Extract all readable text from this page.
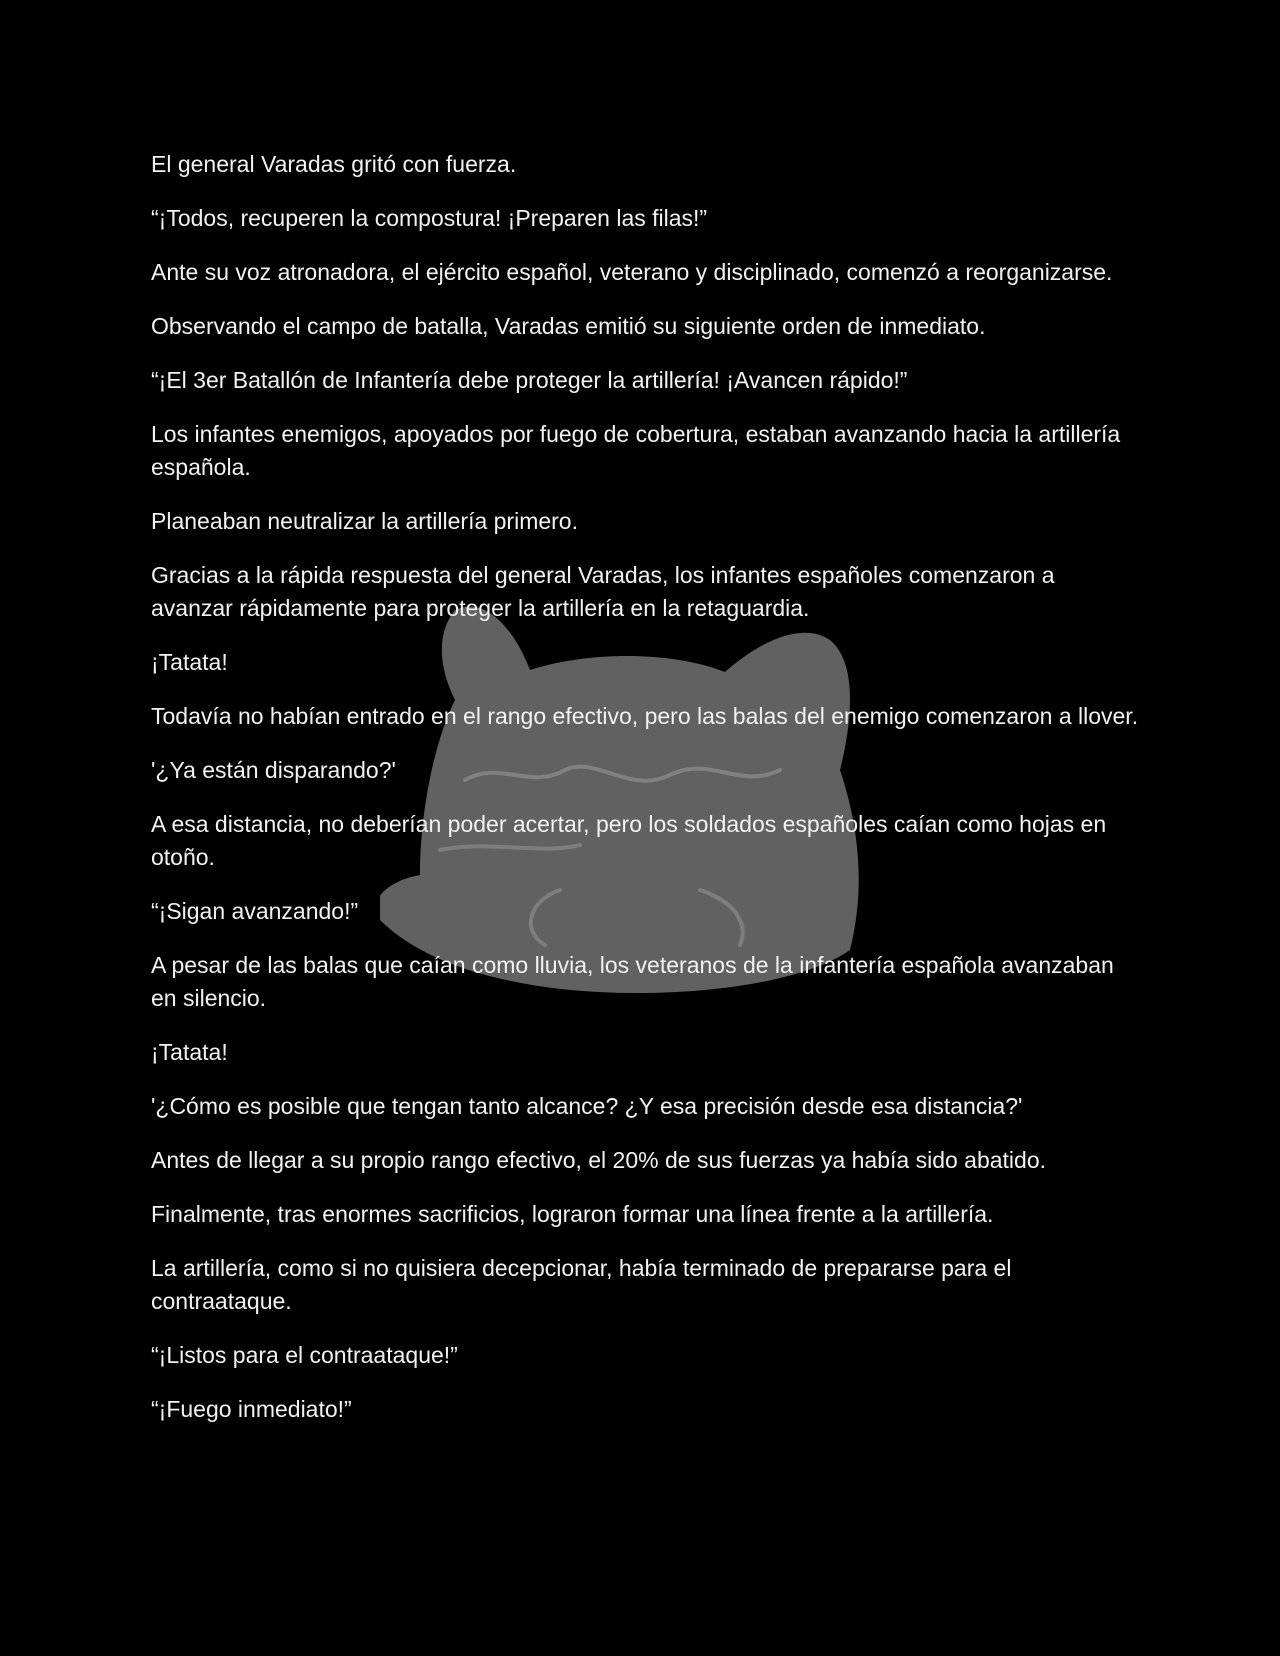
El general Varadas gritó con fuerza.

“¡Todos, recuperen la compostura! ¡Preparen las filas!”

Ante su voz atronadora, el ejército español, veterano y disciplinado, comenzó a reorganizarse.

Observando el campo de batalla, Varadas emitió su siguiente orden de inmediato.

“¡El 3er Batallón de Infantería debe proteger la artillería! ¡Avancen rápido!”

Los infantes enemigos, apoyados por fuego de cobertura, estaban avanzando hacia la artillería española.

Planeaban neutralizar la artillería primero.

Gracias a la rápida respuesta del general Varadas, los infantes españoles comenzaron a avanzar rápidamente para proteger la artillería en la retaguardia.

¡Tatata!

Todavía no habían entrado en el rango efectivo, pero las balas del enemigo comenzaron a llover.

'¿Ya están disparando?'

A esa distancia, no deberían poder acertar, pero los soldados españoles caían como hojas en otoño.

“¡Sigan avanzando!”

A pesar de las balas que caían como lluvia, los veteranos de la infantería española avanzaban en silencio.

¡Tatata!

'¿Cómo es posible que tengan tanto alcance? ¿Y esa precisión desde esa distancia?'

Antes de llegar a su propio rango efectivo, el 20% de sus fuerzas ya había sido abatido.

Finalmente, tras enormes sacrificios, lograron formar una línea frente a la artillería.

La artillería, como si no quisiera decepcionar, había terminado de prepararse para el contraataque.

“¡Listos para el contraataque!”

“¡Fuego inmediato!”
